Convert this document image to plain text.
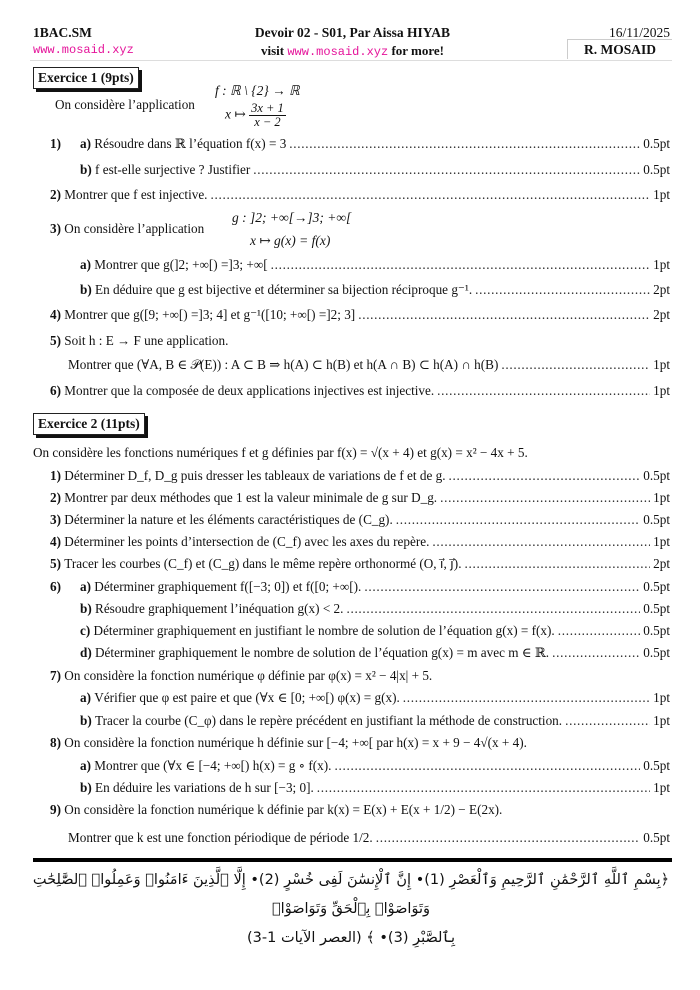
1BAC.SM
www.mosaid.xyz
Devoir 02 - S01, Par Aissa HIYAB
visit www.mosaid.xyz for more!
16/11/2025
R. MOSAID
Exercice 1 (9pts)
On considère l’application
f : ℝ \ {2} → ℝ
x ↦ $\frac{3x + 1}{x - 2}$
1) a)
Résoudre dans ℝ l’équation f(x) = 3 . . .	0.5pt
b)
f est-elle surjective ? Justifier . . .	0.5pt
2)
Montrer que f est injective. . . .	1pt
3) On considère l’application
g : ]2; +∞[→]3; +∞[
x ↦ g(x) = f(x)
a)
Montrer que g(]2; +∞[) =]3; +∞[ . . .	1pt
b)
En déduire que g est bijective et déterminer sa bijection réciproque g⁻¹. . . .	2pt
4)
Montrer que g([9; +∞[) =]3; 4] et g⁻¹([10; +∞[) =]2; 3] . . .	2pt
5) Soit h : E → F une application.
Montrer que (∀A, B ∈ 𝒫(E)) : A ⊂ B ⇒ h(A) ⊂ h(B) et h(A ∩ B) ⊂ h(A) ∩ h(B) . . .	1pt
6)
Montrer que la composée de deux applications injectives est injective. . . .	1pt
Exercice 2 (11pts)
On considère les fonctions numériques f et g définies par f(x) = √(x + 4) et g(x) = x² − 4x + 5.
1)
Déterminer D_f, D_g puis dresser les tableaux de variations de f et de g. . . .	0.5pt
2)
Montrer par deux méthodes que 1 est la valeur minimale de g sur D_g. . . .	1pt
3)
Déterminer la nature et les éléments caractéristiques de (C_g). . . .	0.5pt
4)
Déterminer les points d’intersection de (C_f) avec les axes du repère. . . .	1pt
5)
Tracer les courbes (C_f) et (C_g) dans le même repère orthonormé (O, i⃗, j⃗). . . .	2pt
6) a)
Déterminer graphiquement f([−3; 0]) et f([0; +∞[). . . .	0.5pt
b)
Résoudre graphiquement l’inéquation g(x) < 2. . . .	0.5pt
c)
Déterminer graphiquement en justifiant le nombre de solution de l’équation g(x) = f(x). . . .	0.5pt
d)
Déterminer graphiquement le nombre de solution de l’équation g(x) = m avec m ∈ ℝ. . . .	0.5pt
7) On considère la fonction numérique φ définie par φ(x) = x² − 4|x| + 5.
a)
Vérifier que φ est paire et que (∀x ∈ [0; +∞[) φ(x) = g(x). . . .	1pt
b)
Tracer la courbe (C_φ) dans le repère précédent en justifiant la méthode de construction. . . .	1pt
8) On considère la fonction numérique h définie sur [−4; +∞[ par h(x) = x + 9 − 4√(x + 4).
a)
Montrer que (∀x ∈ [−4; +∞[) h(x) = g ∘ f(x). . . .	0.5pt
b)
En déduire les variations de h sur [−3; 0]. . . .	1pt
9) On considère la fonction numérique k définie par k(x) = E(x) + E(x + 1/2) − E(2x).
Montrer que k est une fonction périodique de période 1/2. . . .	0.5pt
﴿بِسْمِ ٱللَّهِ ٱلرَّحْمَٰنِ ٱلرَّحِيمِ وَٱلْعَصْرِ (1)• إِنَّ ٱلْإِنسَٰنَ لَفِى خُسْرٍ (2)• إِلَّا ٱلَّذِينَ ءَامَنُوا۟ وَعَمِلُوا۟ ٱلصَّٰلِحَٰتِ وَتَوَاصَوْا۟ بِٱلْحَقِّ وَتَوَاصَوْا۟
بِٱلصَّبْرِ (3)• ﴾ (العصر الآيات 1-3)
